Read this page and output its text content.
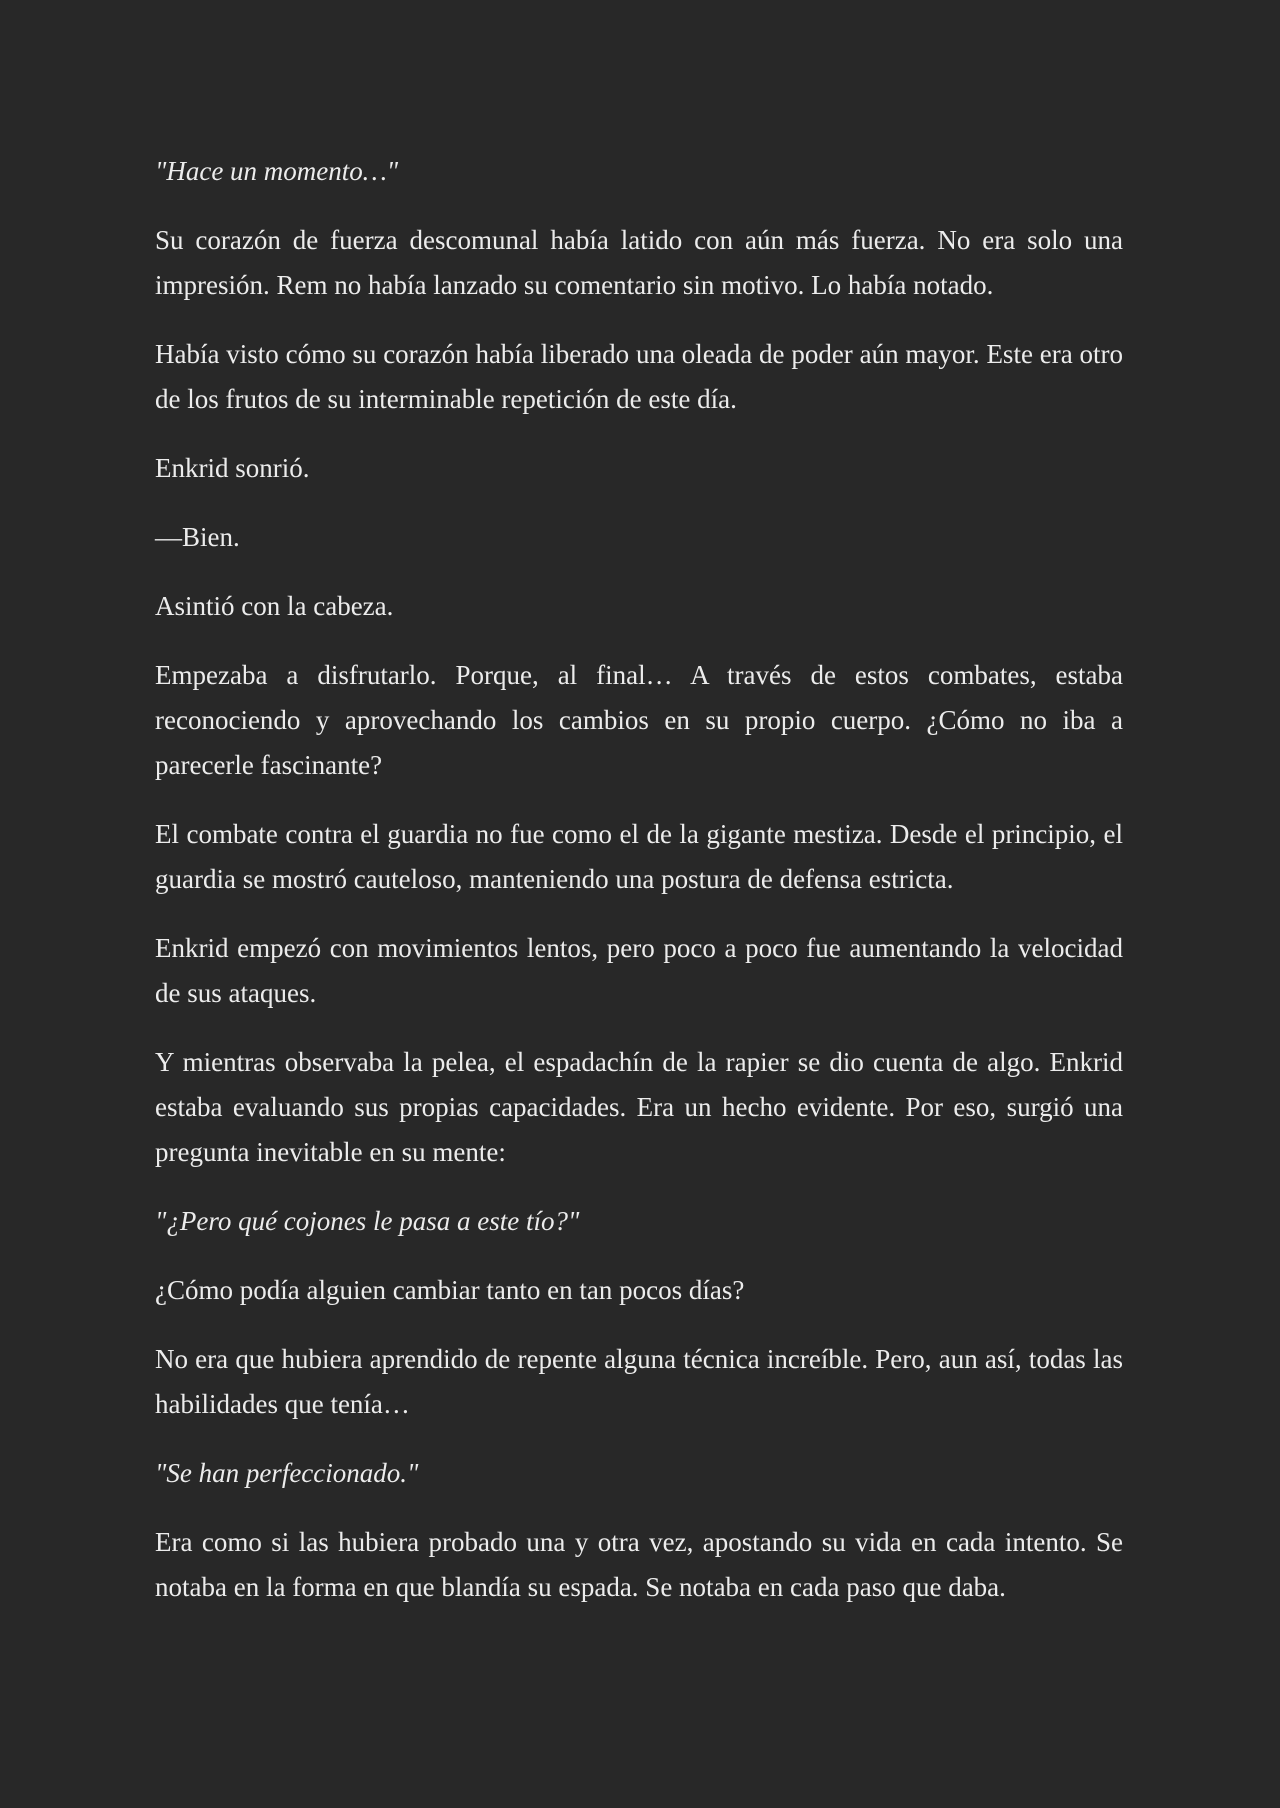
"Hace un momento…"

Su corazón de fuerza descomunal había latido con aún más fuerza. No era solo una impresión. Rem no había lanzado su comentario sin motivo. Lo había notado.

Había visto cómo su corazón había liberado una oleada de poder aún mayor. Este era otro de los frutos de su interminable repetición de este día.

Enkrid sonrió.

—Bien.

Asintió con la cabeza.

Empezaba a disfrutarlo. Porque, al final… A través de estos combates, estaba reconociendo y aprovechando los cambios en su propio cuerpo. ¿Cómo no iba a parecerle fascinante?

El combate contra el guardia no fue como el de la gigante mestiza. Desde el principio, el guardia se mostró cauteloso, manteniendo una postura de defensa estricta.

Enkrid empezó con movimientos lentos, pero poco a poco fue aumentando la velocidad de sus ataques.

Y mientras observaba la pelea, el espadachín de la rapier se dio cuenta de algo. Enkrid estaba evaluando sus propias capacidades. Era un hecho evidente. Por eso, surgió una pregunta inevitable en su mente:

"¿Pero qué cojones le pasa a este tío?"

¿Cómo podía alguien cambiar tanto en tan pocos días?

No era que hubiera aprendido de repente alguna técnica increíble. Pero, aun así, todas las habilidades que tenía…

"Se han perfeccionado."

Era como si las hubiera probado una y otra vez, apostando su vida en cada intento. Se notaba en la forma en que blandía su espada. Se notaba en cada paso que daba.
